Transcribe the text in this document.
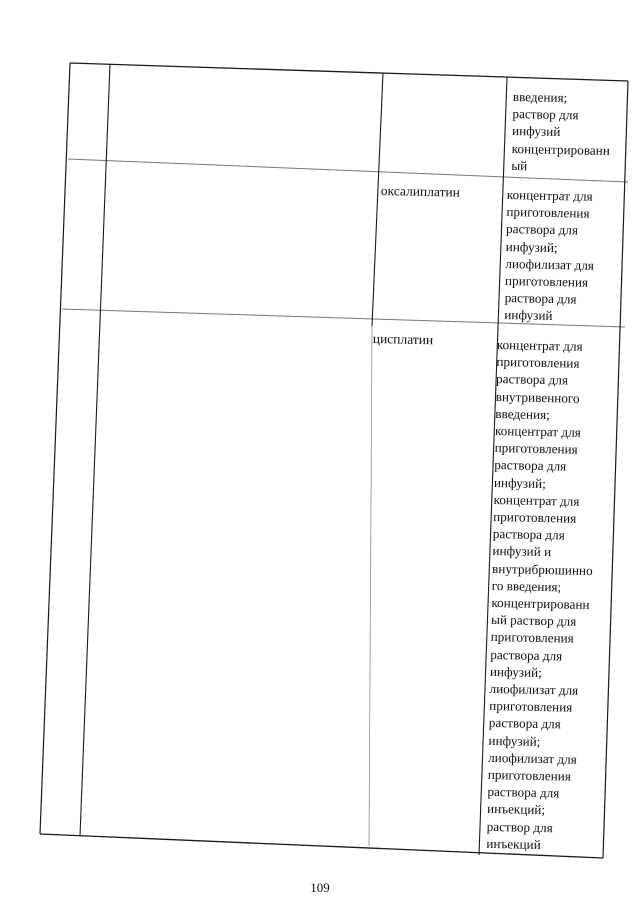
введения;
раствор для
инфузий
концентрированн
ый
оксалиплатин	концентрат для
приготовления
раствора для
инфузий;
лиофилизат для
приготовления
раствора для
инфузий
цисплатин	концентрат для
приготовления
раствора для
внутривенного
введения;
концентрат для
приготовления
раствора для
инфузий;
концентрат для
приготовления
раствора для
инфузий и
внутрибрюшинно
го введения;
концентрированн
ый раствор для
приготовления
раствора для
инфузий;
лиофилизат для
приготовления
раствора для
инфузий;
лиофилизат для
приготовления
раствора для
инъекций;
раствор для
инъекций
109
